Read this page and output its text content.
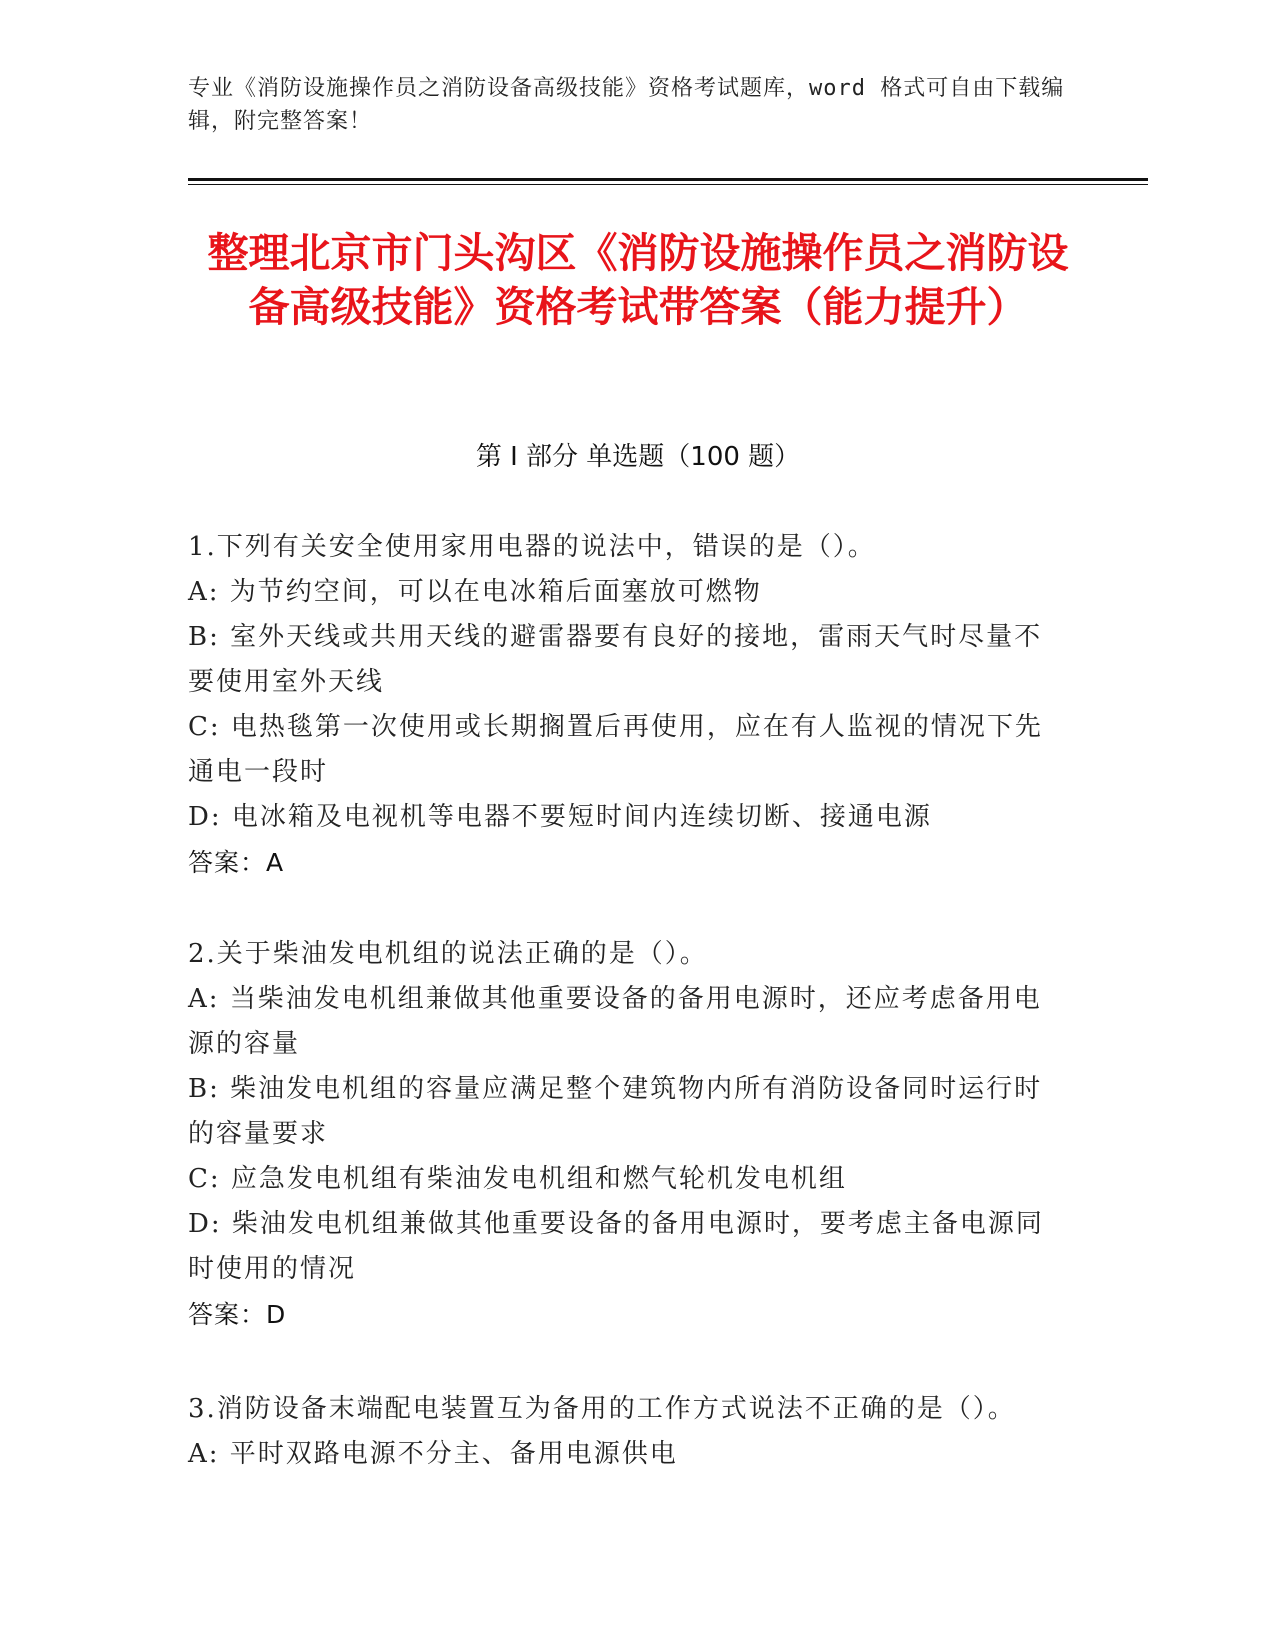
专业《消防设施操作员之消防设备高级技能》资格考试题库，word 格式可自由下载编辑，附完整答案！
整理北京市门头沟区《消防设施操作员之消防设备高级技能》资格考试带答案（能力提升）
第 I 部分 单选题（100 题）
1.下列有关安全使用家用电器的说法中，错误的是（）。
A: 为节约空间，可以在电冰箱后面塞放可燃物
B: 室外天线或共用天线的避雷器要有良好的接地，雷雨天气时尽量不要使用室外天线
C: 电热毯第一次使用或长期搁置后再使用，应在有人监视的情况下先通电一段时
D: 电冰箱及电视机等电器不要短时间内连续切断、接通电源
答案：A
2.关于柴油发电机组的说法正确的是（）。
A: 当柴油发电机组兼做其他重要设备的备用电源时，还应考虑备用电源的容量
B: 柴油发电机组的容量应满足整个建筑物内所有消防设备同时运行时的容量要求
C: 应急发电机组有柴油发电机组和燃气轮机发电机组
D: 柴油发电机组兼做其他重要设备的备用电源时，要考虑主备电源同时使用的情况
答案：D
3.消防设备末端配电装置互为备用的工作方式说法不正确的是（）。
A: 平时双路电源不分主、备用电源供电
